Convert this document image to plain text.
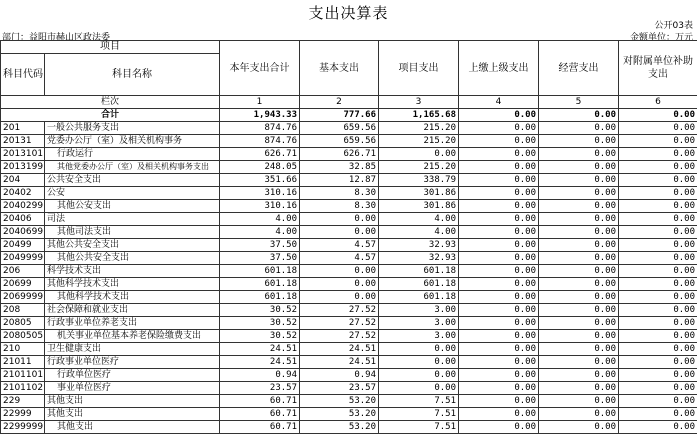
支出决算表
公开03表
部门：益阳市赫山区政法委	金额单位：万元
项目		本年支出合计	基本支出	项目支出	上缴上级支出	经营支出	对附属单位补助支出
科目代码	科目名称						
栏次		1	2	3	4	5	6
合计		1,943.33	777.66	1,165.68	0.00	0.00	0.00
201	一般公共服务支出	874.76	659.56	215.20	0.00	0.00	0.00
20131	党委办公厅（室）及相关机构事务	874.76	659.56	215.20	0.00	0.00	0.00
2013101	行政运行	626.71	626.71	0.00	0.00	0.00	0.00
2013199	其他党委办公厅（室）及相关机构事务支出	248.05	32.85	215.20	0.00	0.00	0.00
204	公共安全支出	351.66	12.87	338.79	0.00	0.00	0.00
20402	公安	310.16	8.30	301.86	0.00	0.00	0.00
2040299	其他公安支出	310.16	8.30	301.86	0.00	0.00	0.00
20406	司法	4.00	0.00	4.00	0.00	0.00	0.00
2040699	其他司法支出	4.00	0.00	4.00	0.00	0.00	0.00
20499	其他公共安全支出	37.50	4.57	32.93	0.00	0.00	0.00
2049999	其他公共安全支出	37.50	4.57	32.93	0.00	0.00	0.00
206	科学技术支出	601.18	0.00	601.18	0.00	0.00	0.00
20699	其他科学技术支出	601.18	0.00	601.18	0.00	0.00	0.00
2069999	其他科学技术支出	601.18	0.00	601.18	0.00	0.00	0.00
208	社会保障和就业支出	30.52	27.52	3.00	0.00	0.00	0.00
20805	行政事业单位养老支出	30.52	27.52	3.00	0.00	0.00	0.00
2080505	机关事业单位基本养老保险缴费支出	30.52	27.52	3.00	0.00	0.00	0.00
210	卫生健康支出	24.51	24.51	0.00	0.00	0.00	0.00
21011	行政事业单位医疗	24.51	24.51	0.00	0.00	0.00	0.00
2101101	行政单位医疗	0.94	0.94	0.00	0.00	0.00	0.00
2101102	事业单位医疗	23.57	23.57	0.00	0.00	0.00	0.00
229	其他支出	60.71	53.20	7.51	0.00	0.00	0.00
22999	其他支出	60.71	53.20	7.51	0.00	0.00	0.00
2299999	其他支出	60.71	53.20	7.51	0.00	0.00	0.00
